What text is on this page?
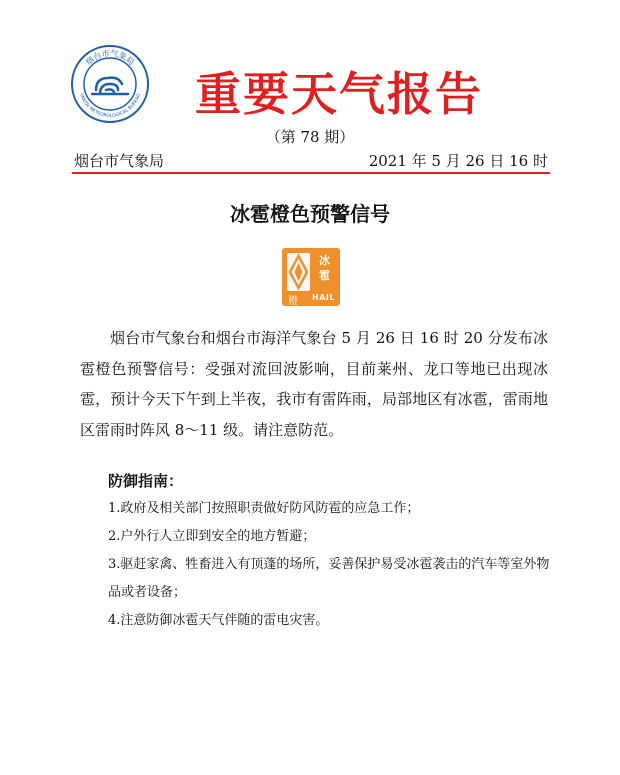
烟台市气象局
YANTAI METEOROLOGICAL BUREAU 重要天气报告
（第 78 期）
烟台市气象局	2021 年 5 月 26 日 16 时
冰雹橙色预警信号
冰
雹
橙 HAIL
烟台市气象台和烟台市海洋气象台 5 月 26 日 16 时 20 分发布冰雹橙色预警信号：受强对流回波影响，目前莱州、龙口等地已出现冰雹，预计今天下午到上半夜，我市有雷阵雨，局部地区有冰雹，雷雨地区雷雨时阵风 8～11 级。请注意防范。
防御指南：
1.政府及相关部门按照职责做好防风防雹的应急工作；
2.户外行人立即到安全的地方暂避；
3.驱赶家禽、牲畜进入有顶蓬的场所，妥善保护易受冰雹袭击的汽车等室外物品或者设备；
4.注意防御冰雹天气伴随的雷电灾害。
